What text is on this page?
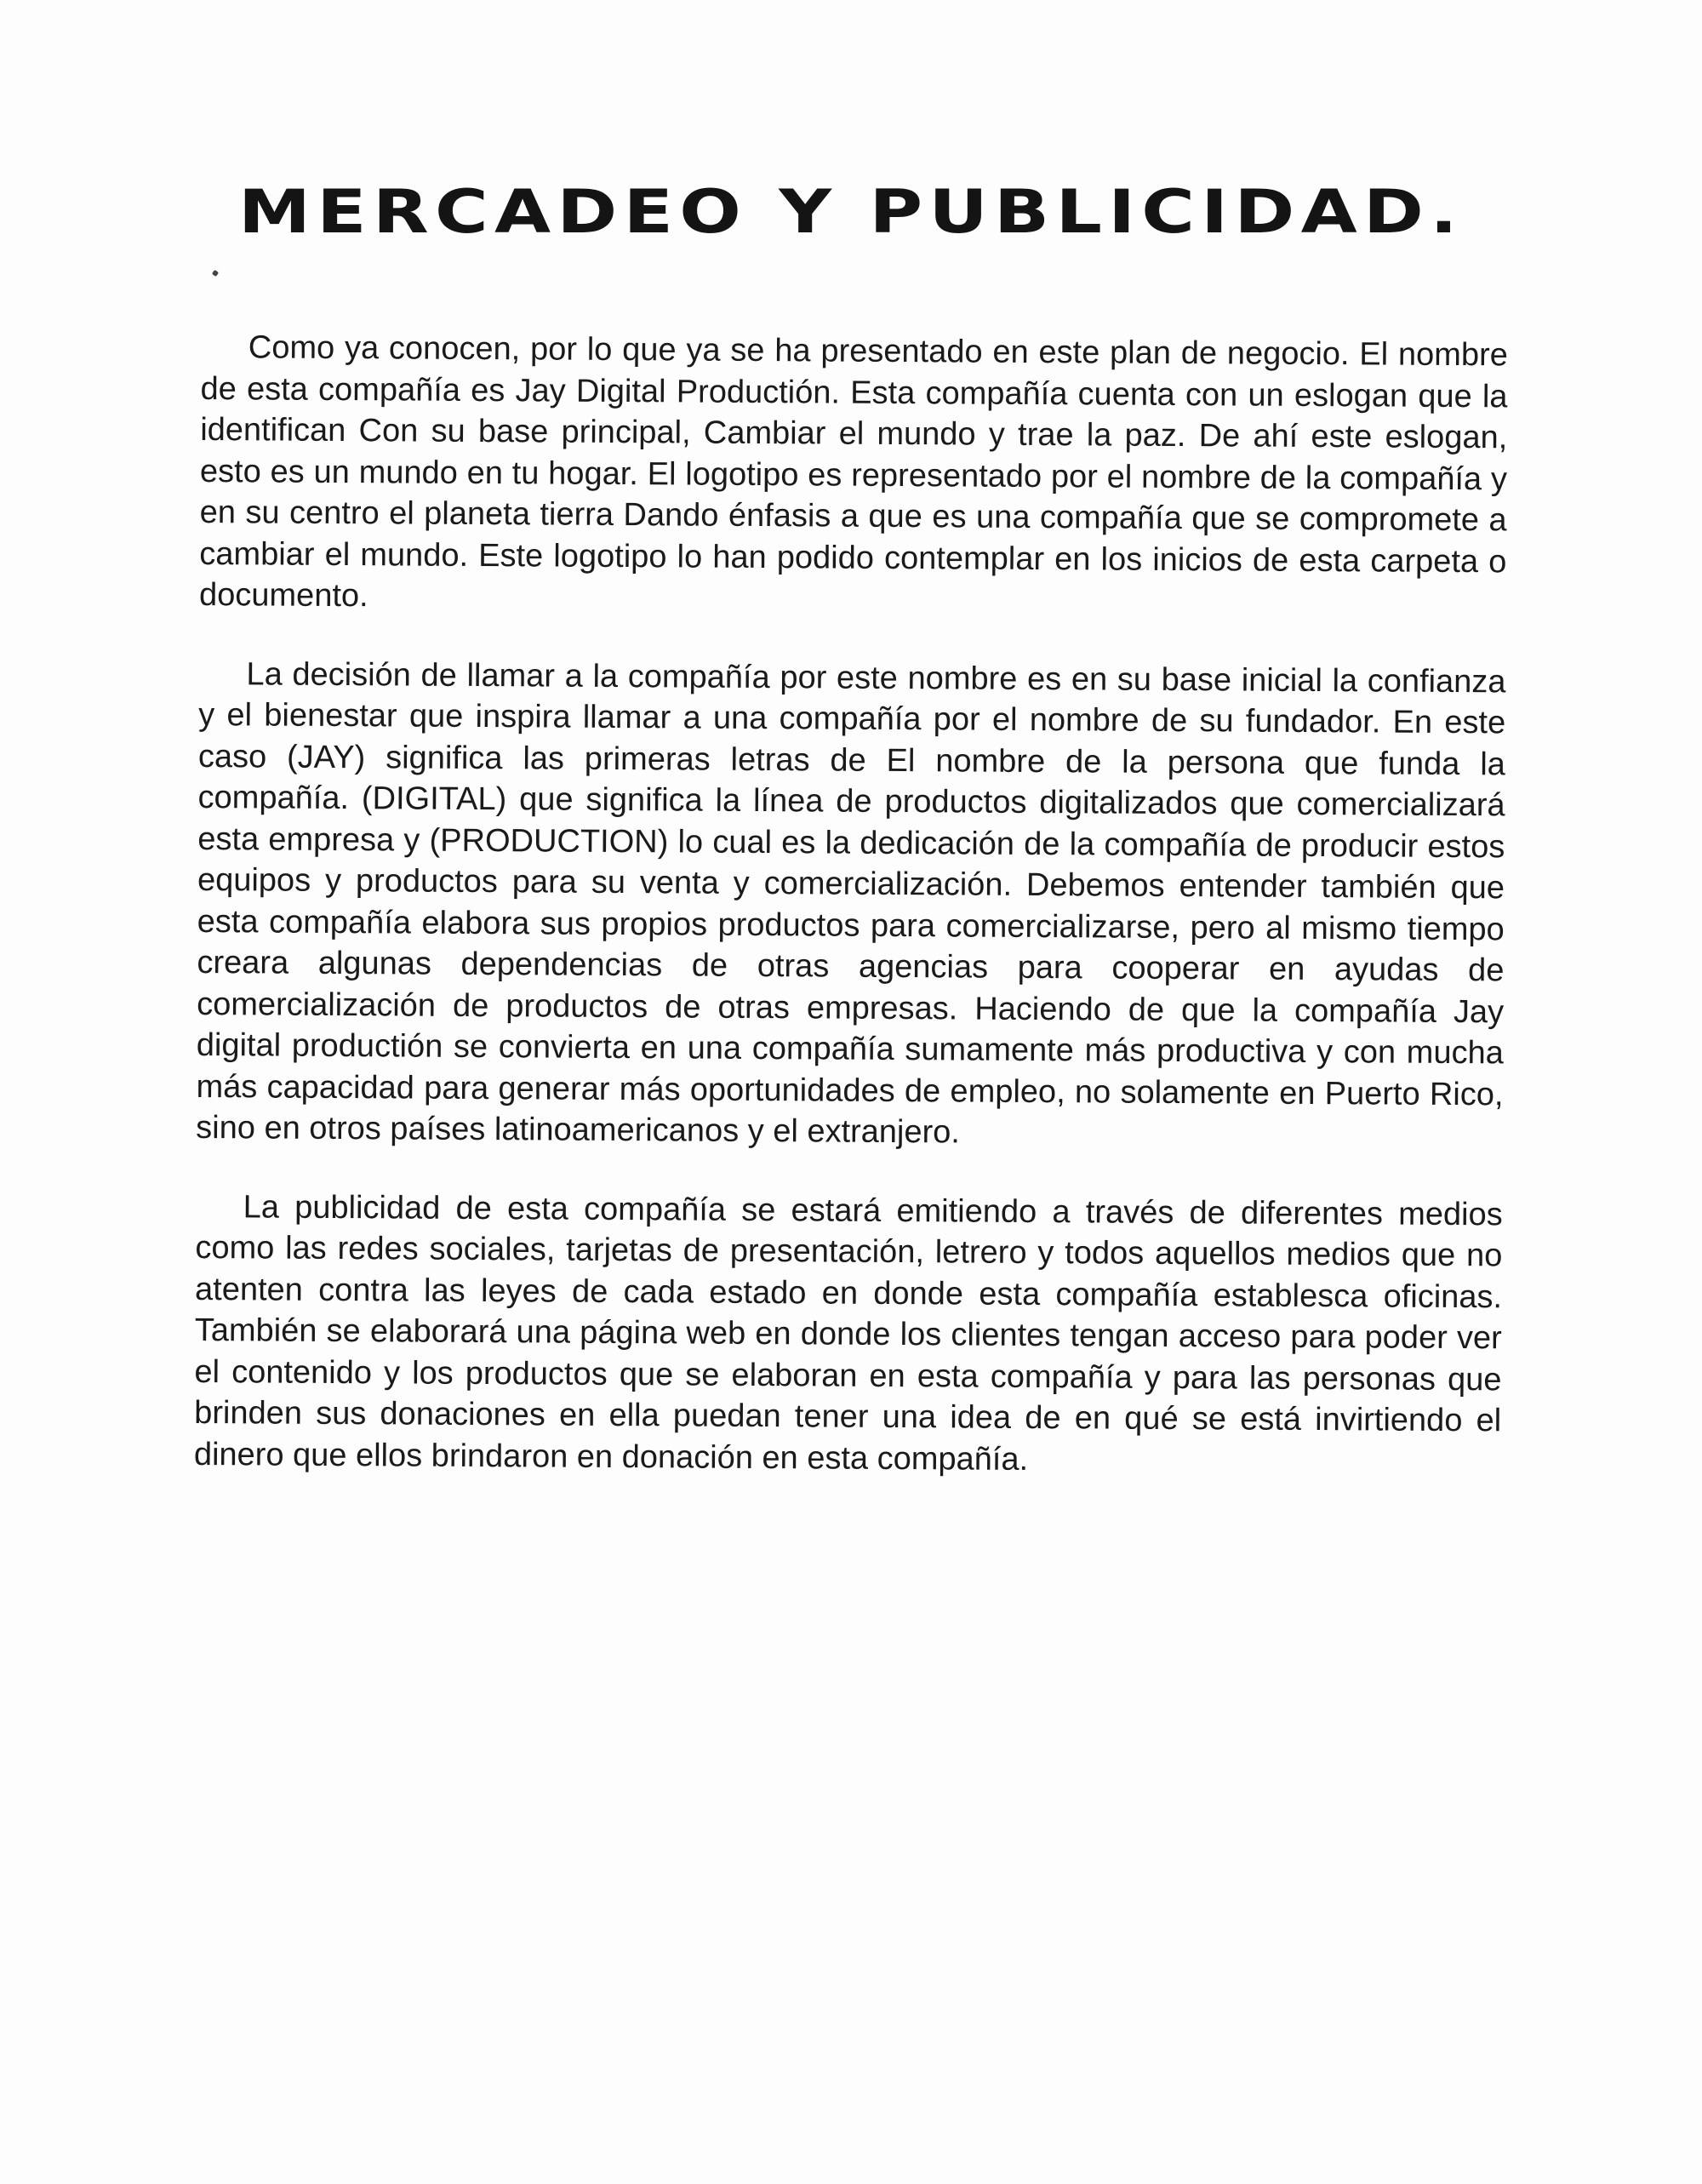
MERCADEO Y PUBLICIDAD.

Como ya conocen, por lo que ya se ha presentado en este plan de negocio. El nombre de esta compañía es Jay Digital Productión. Esta compañía cuenta con un eslogan que la identifican Con su base principal, Cambiar el mundo y trae la paz. De ahí este eslogan, esto es un mundo en tu hogar. El logotipo es representado por el nombre de la compañía y en su centro el planeta tierra Dando énfasis a que es una compañía que se compromete a cambiar el mundo. Este logotipo lo han podido contemplar en los inicios de esta carpeta o documento.

La decisión de llamar a la compañía por este nombre es en su base inicial la confianza y el bienestar que inspira llamar a una compañía por el nombre de su fundador. En este caso (JAY) significa las primeras letras de El nombre de la persona que funda la compañía. (DIGITAL) que significa la línea de productos digitalizados que comercializará esta empresa y (PRODUCTION) lo cual es la dedicación de la compañía de producir estos equipos y productos para su venta y comercialización. Debemos entender también que esta compañía elabora sus propios productos para comercializarse, pero al mismo tiempo creara algunas dependencias de otras agencias para cooperar en ayudas de comercialización de productos de otras empresas. Haciendo de que la compañía Jay digital productión se convierta en una compañía sumamente más productiva y con mucha más capacidad para generar más oportunidades de empleo, no solamente en Puerto Rico, sino en otros países latinoamericanos y el extranjero.

La publicidad de esta compañía se estará emitiendo a través de diferentes medios como las redes sociales, tarjetas de presentación, letrero y todos aquellos medios que no atenten contra las leyes de cada estado en donde esta compañía establesca oficinas. También se elaborará una página web en donde los clientes tengan acceso para poder ver el contenido y los productos que se elaboran en esta compañía y para las personas que brinden sus donaciones en ella puedan tener una idea de en qué se está invirtiendo el dinero que ellos brindaron en donación en esta compañía.
